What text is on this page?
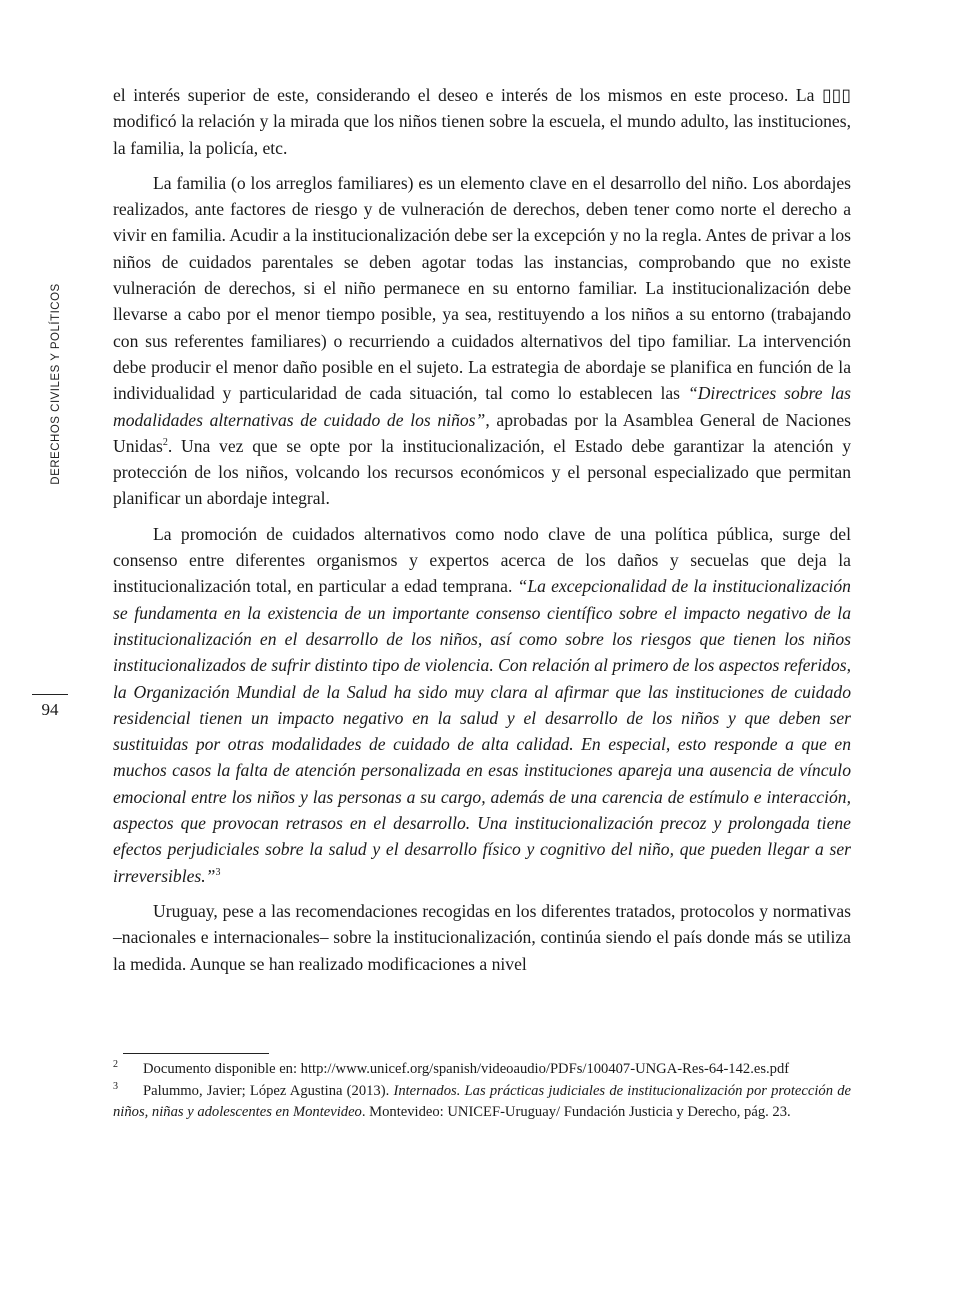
DERECHOS CIVILES Y POLÍTICOS
94

el interés superior de este, considerando el deseo e interés de los mismos en este proceso. La ▯▯▯ modificó la relación y la mirada que los niños tienen sobre la escuela, el mundo adulto, las instituciones, la familia, la policía, etc.

La familia (o los arreglos familiares) es un elemento clave en el desarrollo del niño. Los abordajes realizados, ante factores de riesgo y de vulneración de derechos, deben tener como norte el derecho a vivir en familia. Acudir a la institucionalización debe ser la excepción y no la regla. Antes de privar a los niños de cuidados parentales se deben agotar todas las instancias, comprobando que no existe vulneración de derechos, si el niño permanece en su entorno familiar. La institucionalización debe llevarse a cabo por el menor tiempo posible, ya sea, restituyendo a los niños a su entorno (trabajando con sus referentes familiares) o recurriendo a cuidados alternativos del tipo familiar. La intervención debe producir el menor daño posible en el sujeto. La estrategia de abordaje se planifica en función de la individualidad y particularidad de cada situación, tal como lo establecen las “Directrices sobre las modalidades alternativas de cuidado de los niños”, aprobadas por la Asamblea General de Naciones Unidas$^2$. Una vez que se opte por la institucionalización, el Estado debe garantizar la atención y protección de los niños, volcando los recursos económicos y el personal especializado que permitan planificar un abordaje integral.

La promoción de cuidados alternativos como nodo clave de una política pública, surge del consenso entre diferentes organismos y expertos acerca de los daños y secuelas que deja la institucionalización total, en particular a edad temprana. “La excepcionalidad de la institucionalización se fundamenta en la existencia de un importante consenso científico sobre el impacto negativo de la institucionalización en el desarrollo de los niños, así como sobre los riesgos que tienen los niños institucionalizados de sufrir distinto tipo de violencia. Con relación al primero de los aspectos referidos, la Organización Mundial de la Salud ha sido muy clara al afirmar que las instituciones de cuidado residencial tienen un impacto negativo en la salud y el desarrollo de los niños y que deben ser sustituidas por otras modalidades de cuidado de alta calidad. En especial, esto responde a que en muchos casos la falta de atención personalizada en esas instituciones apareja una ausencia de vínculo emocional entre los niños y las personas a su cargo, además de una carencia de estímulo e interacción, aspectos que provocan retrasos en el desarrollo. Una institucionalización precoz y prolongada tiene efectos perjudiciales sobre la salud y el desarrollo físico y cognitivo del niño, que pueden llegar a ser irreversibles.”$^3$

Uruguay, pese a las recomendaciones recogidas en los diferentes tratados, protocolos y normativas –nacionales e internacionales– sobre la institucionalización, continúa siendo el país donde más se utiliza la medida. Aunque se han realizado modificaciones a nivel

2 Documento disponible en: http://www.unicef.org/spanish/videoaudio/PDFs/100407-UNGA-Res-64-142.es.pdf

3 Palummo, Javier; López Agustina (2013). Internados. Las prácticas judiciales de institucionalización por protección de niños, niñas y adolescentes en Montevideo. Montevideo: UNICEF-Uruguay/ Fundación Justicia y Derecho, pág. 23.
